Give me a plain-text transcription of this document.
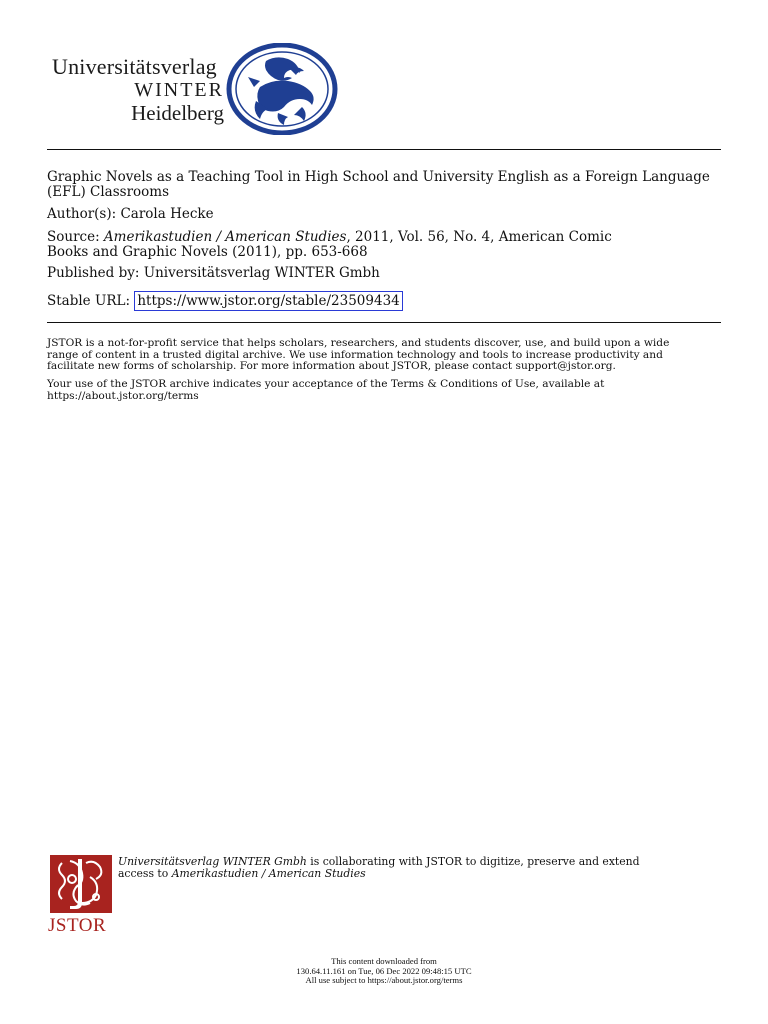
Universitätsverlag
WINTER
Heidelberg
Graphic Novels as a Teaching Tool in High School and University English as a Foreign Language (EFL) Classrooms
Author(s): Carola Hecke
Source: Amerikastudien / American Studies, 2011, Vol. 56, No. 4, American Comic
Books and Graphic Novels (2011), pp. 653-668
Published by: Universitätsverlag WINTER Gmbh
Stable URL: https://www.jstor.org/stable/23509434
JSTOR is a not-for-profit service that helps scholars, researchers, and students discover, use, and build upon a wide
range of content in a trusted digital archive. We use information technology and tools to increase productivity and
facilitate new forms of scholarship. For more information about JSTOR, please contact support@jstor.org.
Your use of the JSTOR archive indicates your acceptance of the Terms & Conditions of Use, available at
https://about.jstor.org/terms
JSTOR
Universitätsverlag WINTER Gmbh is collaborating with JSTOR to digitize, preserve and extend
access to Amerikastudien / American Studies
This content downloaded from
130.64.11.161 on Tue, 06 Dec 2022 09:48:15 UTC
All use subject to https://about.jstor.org/terms
